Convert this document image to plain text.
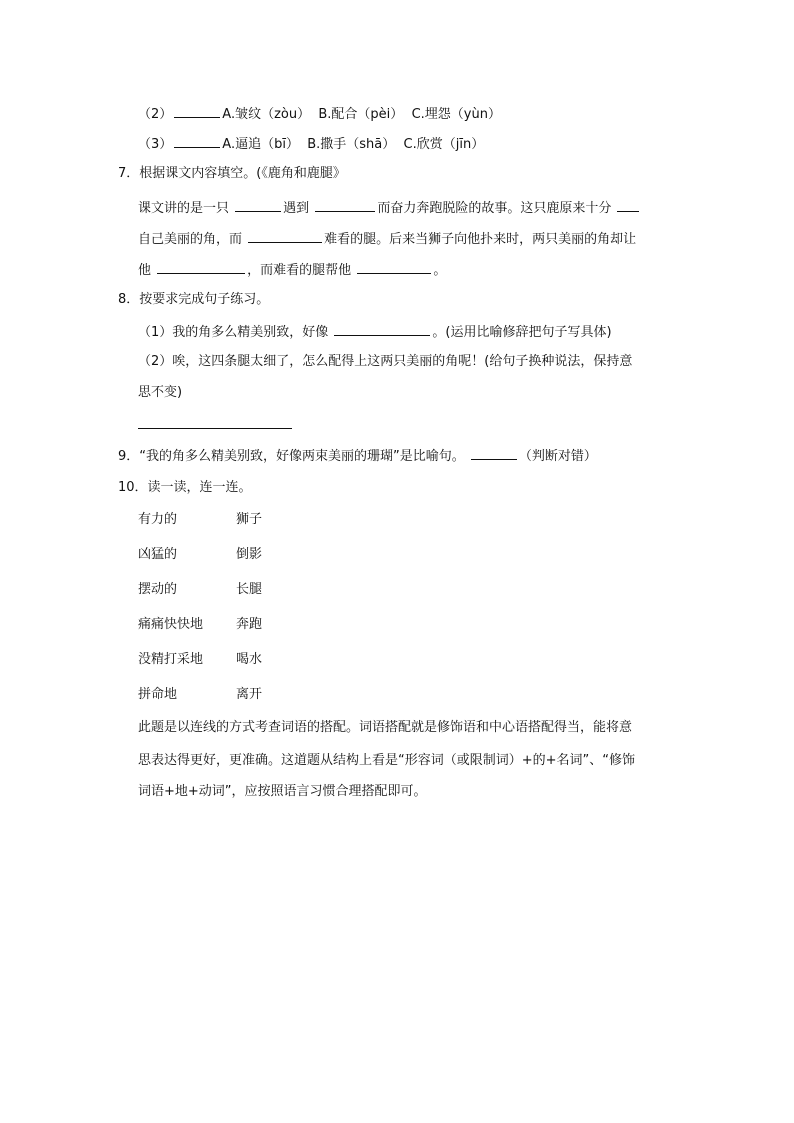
（2）	A.皱纹（zòu） B.配合（pèi） C.埋怨（yùn）
（3）	A.逼追（bī） B.撒手（shā） C.欣赏（jīn）
7．根据课文内容填空。(《鹿角和鹿腿》
课文讲的是一只	遇到	而奋力奔跑脱险的故事。这只鹿原来十分
自己美丽的角，而	难看的腿。后来当狮子向他扑来时，两只美丽的角却让
他	，而难看的腿帮他	。
8．按要求完成句子练习。
（1）我的角多么精美别致，好像	。(运用比喻修辞把句子写具体)
（2）唉，这四条腿太细了，怎么配得上这两只美丽的角呢！(给句子换种说法，保持意
思不变)
9．“我的角多么精美别致，好像两束美丽的珊瑚”是比喻句。	（判断对错）
10．读一读，连一连。
有力的	狮子
凶猛的	倒影
摆动的	长腿
痛痛快快地	奔跑
没精打采地	喝水
拼命地	离开
此题是以连线的方式考查词语的搭配。词语搭配就是修饰语和中心语搭配得当，能将意
思表达得更好，更准确。这道题从结构上看是“形容词（或限制词）+的+名词”、“修饰
词语+地+动词”，应按照语言习惯合理搭配即可。
